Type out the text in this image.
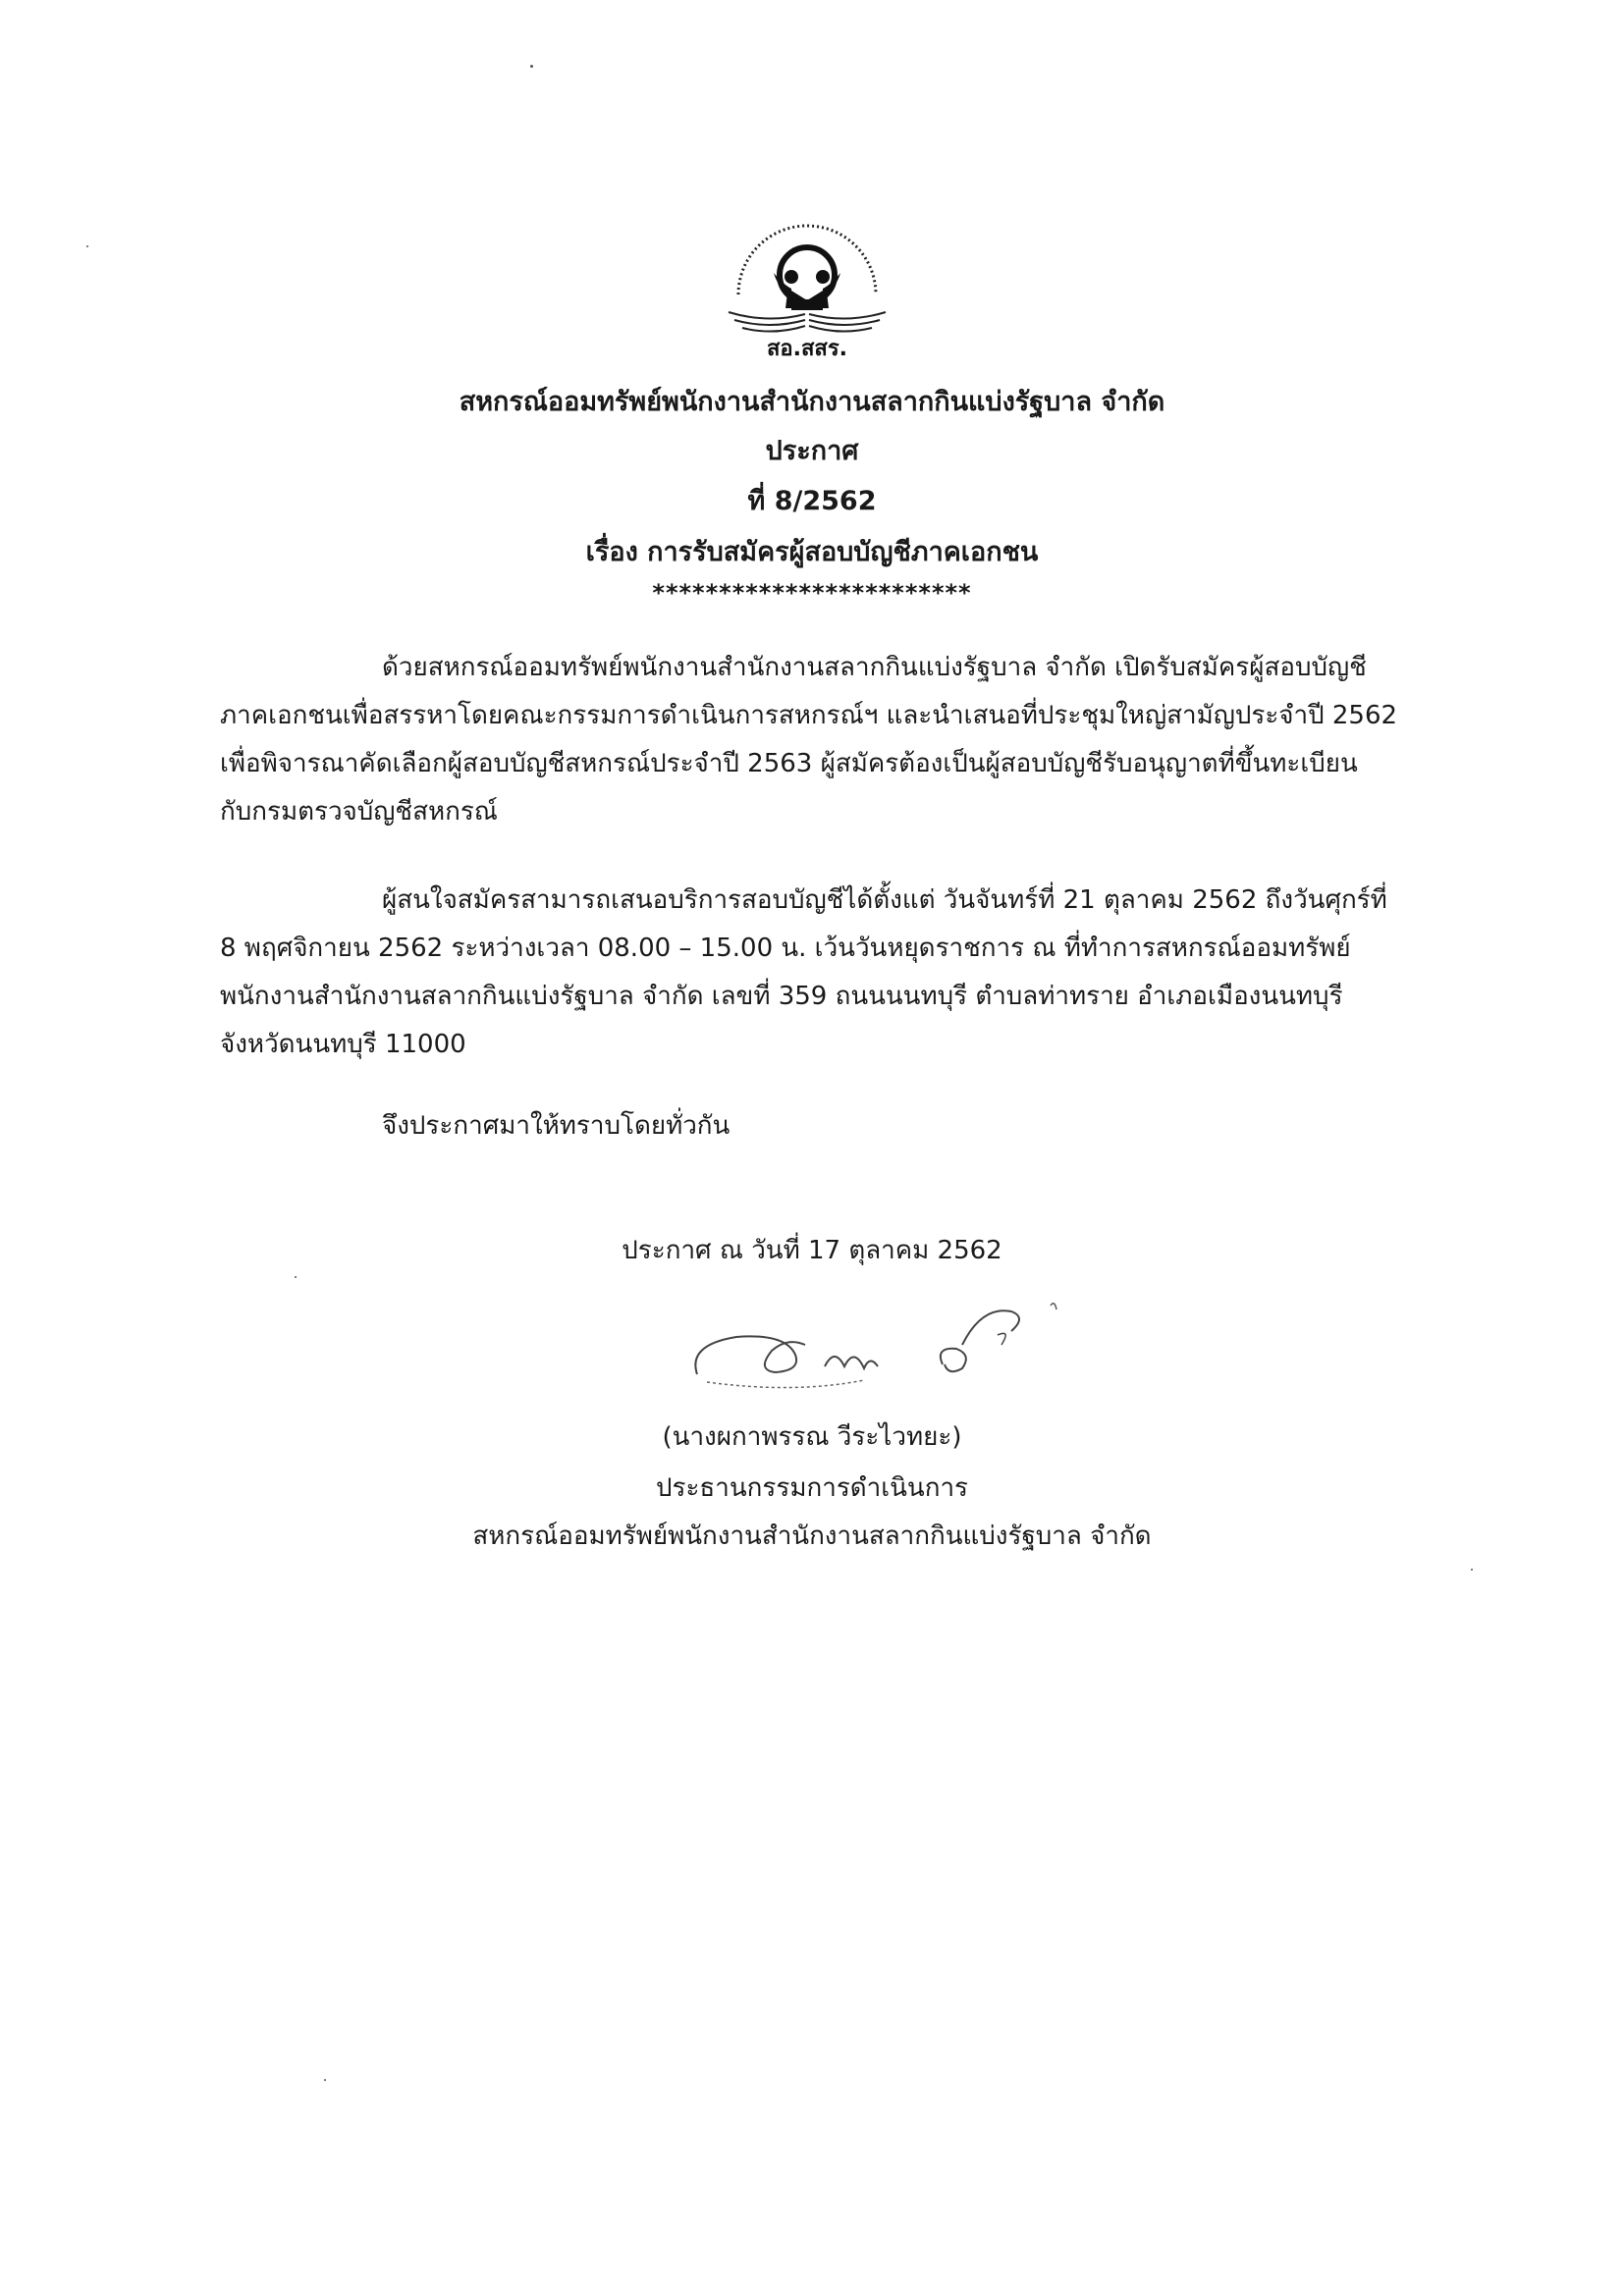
สอ.สสร.
สหกรณ์ออมทรัพย์พนักงานสำนักงานสลากกินแบ่งรัฐบาล จำกัด
ประกาศ
ที่ 8/2562
เรื่อง การรับสมัครผู้สอบบัญชีภาคเอกชน
************************
ด้วยสหกรณ์ออมทรัพย์พนักงานสำนักงานสลากกินแบ่งรัฐบาล จำกัด เปิดรับสมัครผู้สอบบัญชี
ภาคเอกชนเพื่อสรรหาโดยคณะกรรมการดำเนินการสหกรณ์ฯ และนำเสนอที่ประชุมใหญ่สามัญประจำปี 2562
เพื่อพิจารณาคัดเลือกผู้สอบบัญชีสหกรณ์ประจำปี 2563 ผู้สมัครต้องเป็นผู้สอบบัญชีรับอนุญาตที่ขึ้นทะเบียน
กับกรมตรวจบัญชีสหกรณ์
ผู้สนใจสมัครสามารถเสนอบริการสอบบัญชีได้ตั้งแต่ วันจันทร์ที่ 21 ตุลาคม 2562 ถึงวันศุกร์ที่
8 พฤศจิกายน 2562 ระหว่างเวลา 08.00 – 15.00 น. เว้นวันหยุดราชการ ณ ที่ทำการสหกรณ์ออมทรัพย์
พนักงานสำนักงานสลากกินแบ่งรัฐบาล จำกัด เลขที่ 359 ถนนนนทบุรี ตำบลท่าทราย อำเภอเมืองนนทบุรี
จังหวัดนนทบุรี 11000
จึงประกาศมาให้ทราบโดยทั่วกัน
ประกาศ ณ วันที่ 17 ตุลาคม 2562
(นางผกาพรรณ วีระไวทยะ)
ประธานกรรมการดำเนินการ
สหกรณ์ออมทรัพย์พนักงานสำนักงานสลากกินแบ่งรัฐบาล จำกัด
